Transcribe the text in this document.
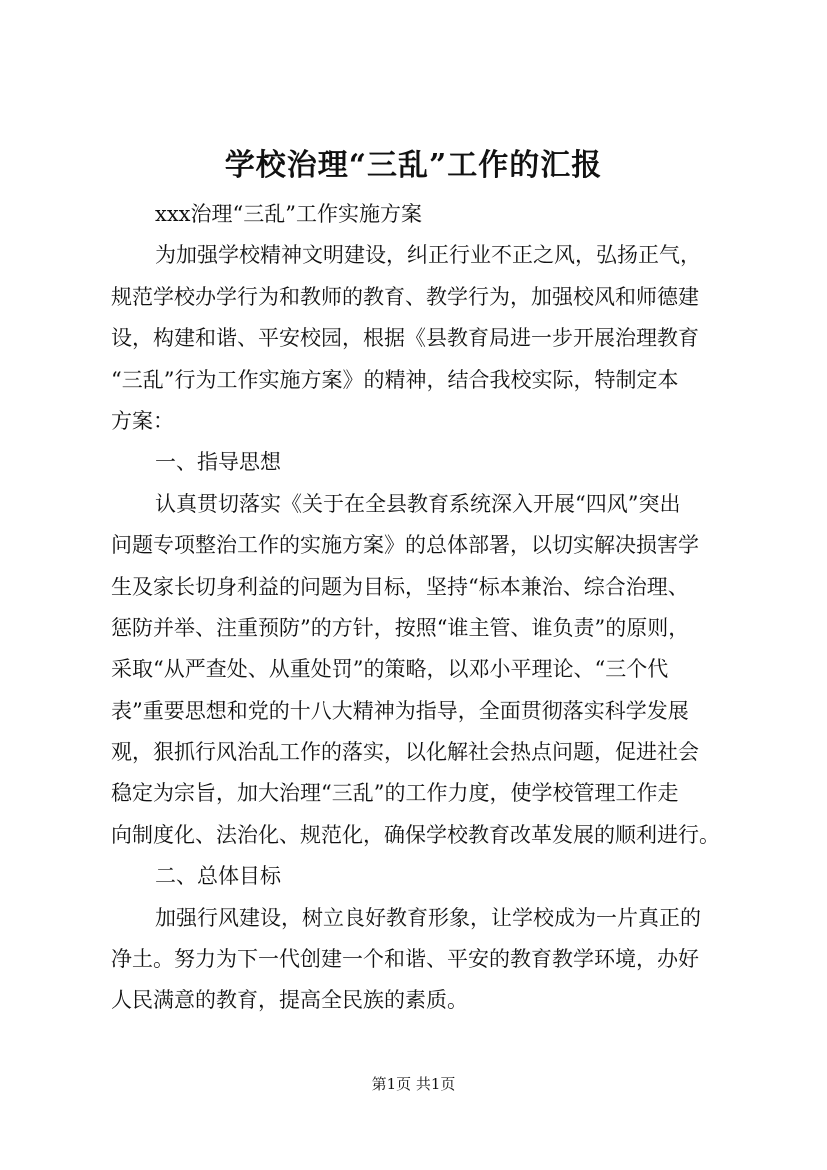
学校治理“三乱”工作的汇报
xxx治理“三乱”工作实施方案
为加强学校精神文明建设，纠正行业不正之风，弘扬正气，
规范学校办学行为和教师的教育、教学行为，加强校风和师德建
设，构建和谐、平安校园，根据《县教育局进一步开展治理教育
“三乱”行为工作实施方案》的精神，结合我校实际，特制定本
方案：
一、指导思想
认真贯切落实《关于在全县教育系统深入开展“四风”突出
问题专项整治工作的实施方案》的总体部署，以切实解决损害学
生及家长切身利益的问题为目标，坚持“标本兼治、综合治理、
惩防并举、注重预防”的方针，按照“谁主管、谁负责”的原则，
采取“从严查处、从重处罚”的策略，以邓小平理论、“三个代
表”重要思想和党的十八大精神为指导，全面贯彻落实科学发展
观，狠抓行风治乱工作的落实，以化解社会热点问题，促进社会
稳定为宗旨，加大治理“三乱”的工作力度，使学校管理工作走
向制度化、法治化、规范化，确保学校教育改革发展的顺利进行。
二、总体目标
加强行风建设，树立良好教育形象，让学校成为一片真正的
净土。努力为下一代创建一个和谐、平安的教育教学环境，办好
人民满意的教育，提高全民族的素质。
第1页 共1页
